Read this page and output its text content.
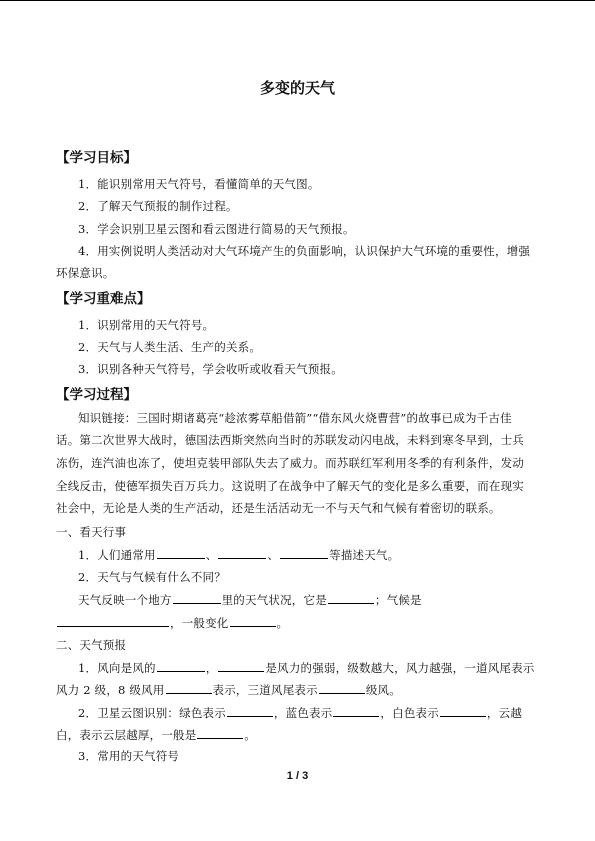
多变的天气
【学习目标】
1．能识别常用天气符号，看懂简单的天气图。
2．了解天气预报的制作过程。
3．学会识别卫星云图和看云图进行简易的天气预报。
4．用实例说明人类活动对大气环境产生的负面影响，认识保护大气环境的重要性，增强
环保意识。
【学习重难点】
1．识别常用的天气符号。
2．天气与人类生活、生产的关系。
3．识别各种天气符号，学会收听或收看天气预报。
【学习过程】
知识链接：三国时期诸葛亮“趁浓雾草船借箭”“借东风火烧曹营”的故事已成为千古佳
话。第二次世界大战时，德国法西斯突然向当时的苏联发动闪电战，未料到寒冬早到，士兵
冻伤，连汽油也冻了，使坦克装甲部队失去了威力。而苏联红军利用冬季的有利条件，发动
全线反击，使德军损失百万兵力。这说明了在战争中了解天气的变化是多么重要，而在现实
社会中，无论是人类的生产活动，还是生活活动无一不与天气和气候有着密切的联系。
一、看天行事
1．人们通常用	、	、	等描述天气。
2．天气与气候有什么不同？
天气反映一个地方	里的天气状况，它是	；气候是
，一般变化	。
二、天气预报
1．风向是风的	，	是风力的强弱，级数越大，风力越强，一道风尾表示
风力 2 级，8 级风用	表示，三道风尾表示	级风。
2．卫星云图识别：绿色表示	，蓝色表示	，白色表示	，云越
白，表示云层越厚，一般是	。
3．常用的天气符号
1 / 3
